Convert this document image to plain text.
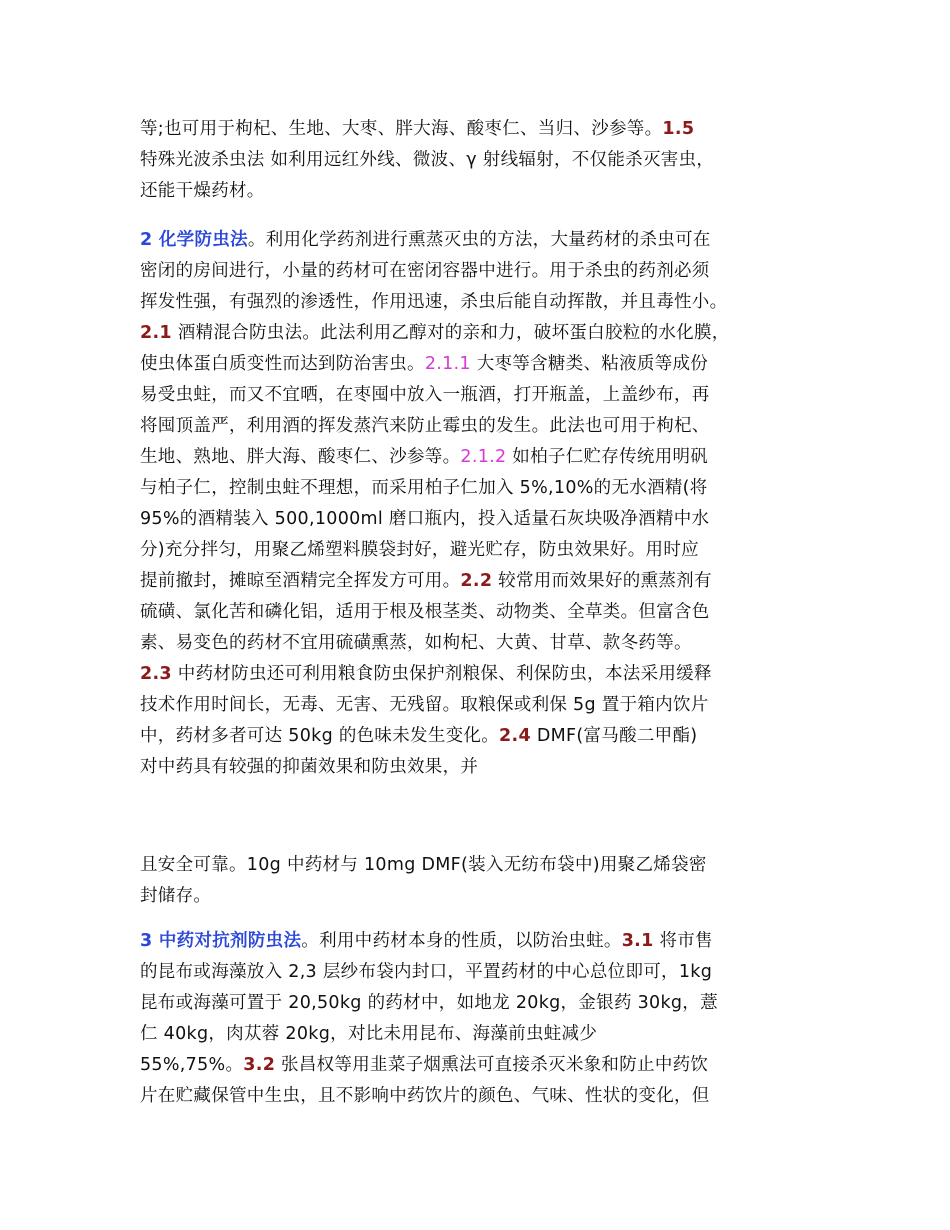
等;也可用于枸杞、生地、大枣、胖大海、酸枣仁、当归、沙参等。1.5
特殊光波杀虫法 如利用远红外线、微波、γ 射线辐射，不仅能杀灭害虫，
还能干燥药材。
2 化学防虫法。利用化学药剂进行熏蒸灭虫的方法，大量药材的杀虫可在
密闭的房间进行，小量的药材可在密闭容器中进行。用于杀虫的药剂必须
挥发性强，有强烈的渗透性，作用迅速，杀虫后能自动挥散，并且毒性小。
2.1 酒精混合防虫法。此法利用乙醇对的亲和力，破坏蛋白胶粒的水化膜，
使虫体蛋白质变性而达到防治害虫。2.1.1 大枣等含糖类、粘液质等成份
易受虫蛀，而又不宜晒，在枣囤中放入一瓶酒，打开瓶盖，上盖纱布，再
将囤顶盖严，利用酒的挥发蒸汽来防止霉虫的发生。此法也可用于枸杞、
生地、熟地、胖大海、酸枣仁、沙参等。2.1.2 如柏子仁贮存传统用明矾
与柏子仁，控制虫蛀不理想，而采用柏子仁加入 5%,10%的无水酒精(将
95%的酒精装入 500,1000ml 磨口瓶内，投入适量石灰块吸净酒精中水
分)充分拌匀，用聚乙烯塑料膜袋封好，避光贮存，防虫效果好。用时应
提前撤封，摊晾至酒精完全挥发方可用。2.2 较常用而效果好的熏蒸剂有
硫磺、氯化苦和磷化铝，适用于根及根茎类、动物类、全草类。但富含色
素、易变色的药材不宜用硫磺熏蒸，如枸杞、大黄、甘草、款冬药等。
2.3 中药材防虫还可利用粮食防虫保护剂粮保、利保防虫，本法采用缓释
技术作用时间长，无毒、无害、无残留。取粮保或利保 5g 置于箱内饮片
中，药材多者可达 50kg 的色味未发生变化。2.4 DMF(富马酸二甲酯)
对中药具有较强的抑菌效果和防虫效果，并
且安全可靠。10g 中药材与 10mg DMF(装入无纺布袋中)用聚乙烯袋密
封储存。
3 中药对抗剂防虫法。利用中药材本身的性质，以防治虫蛀。3.1 将市售
的昆布或海藻放入 2,3 层纱布袋内封口，平置药材的中心总位即可，1kg
昆布或海藻可置于 20,50kg 的药材中，如地龙 20kg，金银药 30kg，薏
仁 40kg，肉苁蓉 20kg，对比未用昆布、海藻前虫蛀减少
55%,75%。3.2 张昌权等用韭菜子烟熏法可直接杀灭米象和防止中药饮
片在贮藏保管中生虫，且不影响中药饮片的颜色、气味、性状的变化，但
